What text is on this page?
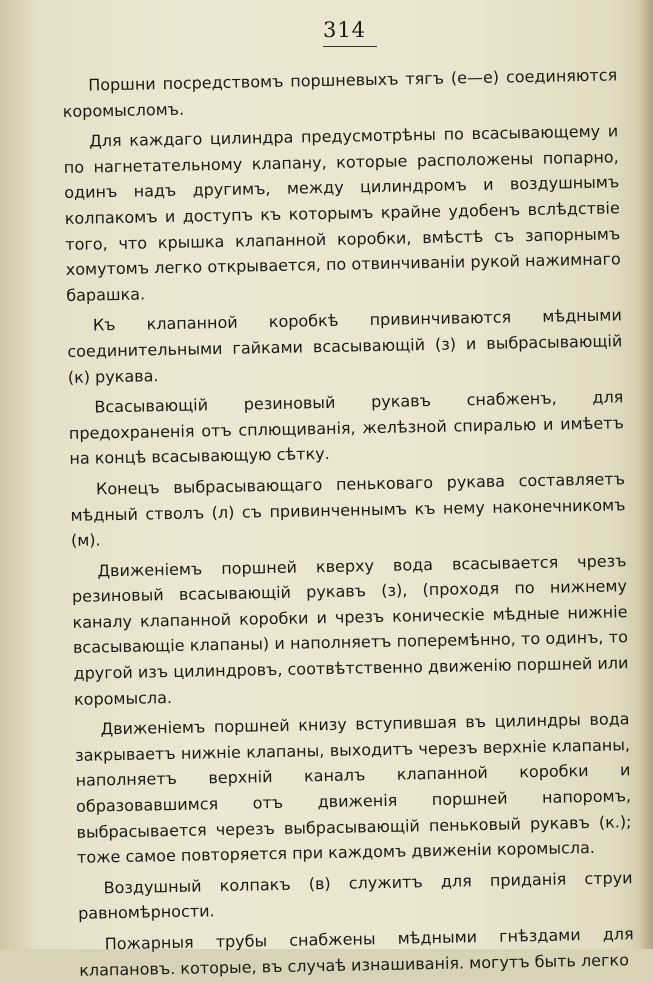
314

Поршни посредствомъ поршневыхъ тягъ (е—е) соединяются коромысломъ.

Для каждаго цилиндра предусмотрѣны по всасывающему и по нагнетательному клапану, которые расположены попарно, одинъ надъ другимъ, между цилиндромъ и воздушнымъ колпакомъ и доступъ къ которымъ крайне удобенъ вслѣдствіе того, что крышка клапанной коробки, вмѣстѣ съ запорнымъ хомутомъ легко открывается, по отвинчиваніи рукой нажимнаго барашка.

Къ клапанной коробкѣ привинчиваются мѣдными соединительными гайками всасывающій (з) и выбрасывающій (к) рукава.

Всасывающій резиновый рукавъ снабженъ, для предохраненія отъ сплющиванія, желѣзной спиралью и имѣетъ на концѣ всасывающую сѣтку.

Конецъ выбрасывающаго пеньковаго рукава составляетъ мѣдный стволъ (л) съ привинченнымъ къ нему наконечникомъ (м).

Движеніемъ поршней кверху вода всасывается чрезъ резиновый всасывающій рукавъ (з), (проходя по нижнему каналу клапанной коробки и чрезъ коническіе мѣдные нижніе всасывающіе клапаны) и наполняетъ поперемѣнно, то одинъ, то другой изъ цилиндровъ, соотвѣтственно движенію поршней или коромысла.

Движеніемъ поршней книзу вступившая въ цилиндры вода закрываетъ нижніе клапаны, выходитъ черезъ верхніе клапаны, наполняетъ верхній каналъ клапанной коробки и образовавшимся отъ движенія поршней напоромъ, выбрасывается черезъ выбрасывающій пеньковый рукавъ (к.); тоже самое повторяется при каждомъ движеніи коромысла.

Воздушный колпакъ (в) служитъ для приданія струи равномѣрности.

Пожарныя трубы снабжены мѣдными гнѣздами для клапановъ. которые, въ случаѣ изнашиванія. могутъ быть легко
